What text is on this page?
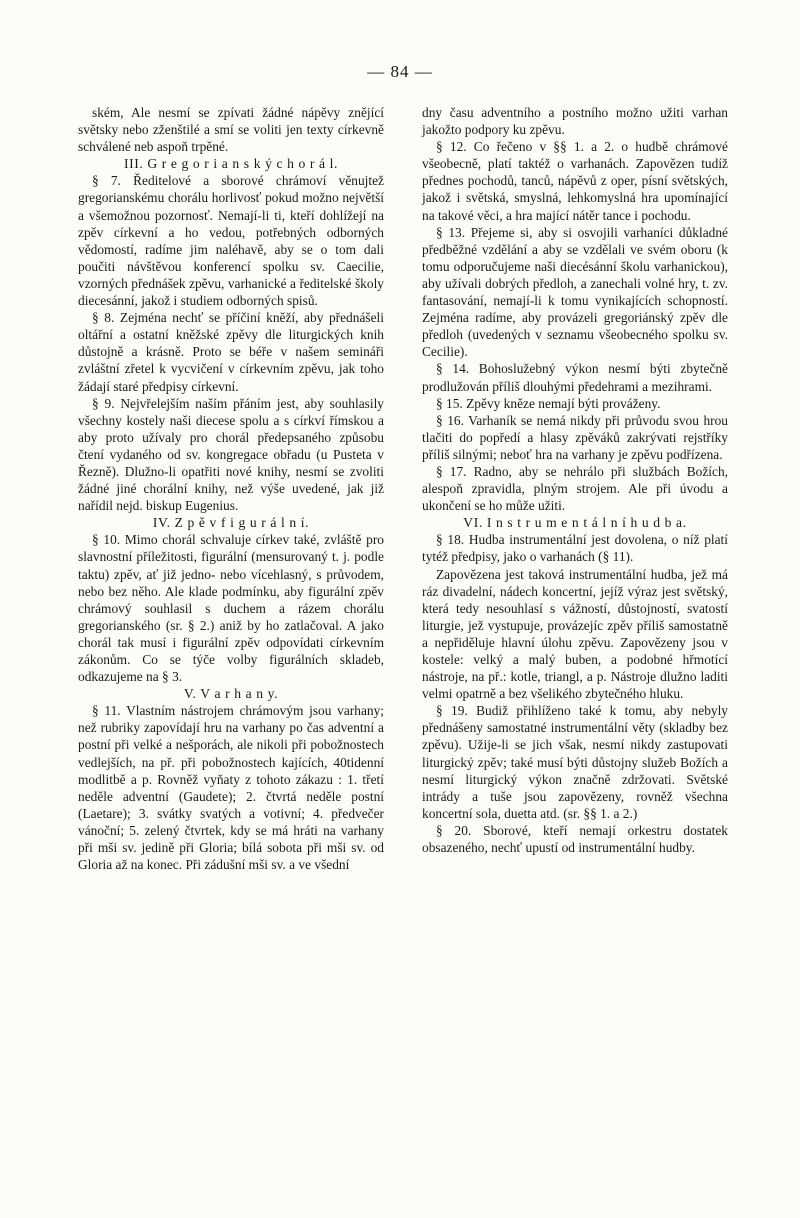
— 84 —

ském, Ale nesmí se zpívati žádné nápěvy znějící světsky nebo zženštilé a smí se voliti jen texty církevně schválené neb aspoň trpěné.

III. G r e g o r i a n s k ý c h o r á l.

§ 7. Ředitelové a sborové chrámoví věnujtež gregorianskému chorálu horlivosť pokud možno největší a všemožnou pozornosť. Nemají-li ti, kteří dohlížejí na zpěv církevní a ho vedou, potřebných odborných vědomostí, radíme jim naléhavě, aby se o tom dali poučiti návštěvou konferencí spolku sv. Caecilie, vzorných přednášek zpěvu, varhanické a ředitelské školy diecesánní, jakož i studiem odborných spisů.

§ 8. Zejména nechť se příčiní kněží, aby přednášeli oltářní a ostatní kněžské zpěvy dle liturgických knih důstojně a krásně. Proto se béře v našem semináři zvláštní zřetel k vycvičení v církevním zpěvu, jak toho žádají staré předpisy církevní.

§ 9. Nejvřelejším naším přáním jest, aby souhlasily všechny kostely naši diecese spolu a s církví římskou a aby proto užívaly pro chorál předepsaného způsobu čtení vydaného od sv. kongregace obřadu (u Pusteta v Řezně). Dlužno-li opatřiti nové knihy, nesmí se zvoliti žádné jiné chorální knihy, než výše uvedené, jak již nařídil nejd. biskup Eugenius.

IV. Z p ě v f i g u r á l n í.

§ 10. Mimo chorál schvaluje církev také, zvláště pro slavnostní příležitosti, figurální (mensurovaný t. j. podle taktu) zpěv, ať již jedno- nebo vícehlasný, s průvodem, nebo bez něho. Ale klade podmínku, aby figurální zpěv chrámový souhlasil s duchem a rázem chorálu gregorianského (sr. § 2.) aniž by ho zatlačoval. A jako chorál tak musí i figurální zpěv odpovídati církevním zákonům. Co se týče volby figurálních skladeb, odkazujeme na § 3.

V. V a r h a n y.

§ 11. Vlastním nástrojem chrámovým jsou varhany; než rubriky zapovídají hru na varhany po čas adventní a postní při velké a nešporách, ale nikoli při pobožnostech vedlejších, na př. při pobožnostech kajících, 40tidenní modlitbě a p. Rovněž vyňaty z tohoto zákazu : 1. třetí neděle adventní (Gaudete); 2. čtvrtá neděle postní (Laetare); 3. svátky svatých a votivní; 4. předvečer vánoční; 5. zelený čtvrtek, kdy se má hráti na varhany při mši sv. jedině při Gloria; bílá sobota při mši sv. od Gloria až na konec. Při zádušní mši sv. a ve všední

dny času adventního a postního možno užiti varhan jakožto podpory ku zpěvu.

§ 12. Co řečeno v §§ 1. a 2. o hudbě chrámové všeobecně, platí taktéž o varhanách. Zapovězen tudíž přednes pochodů, tanců, nápěvů z oper, písní světských, jakož i světská, smyslná, lehkomyslná hra upomínající na takové věci, a hra mající nátěr tance i pochodu.

§ 13. Přejeme si, aby si osvojili varhaníci důkladné předběžné vzdělání a aby se vzdělali ve svém oboru (k tomu odporučujeme naši diecésánní školu varhanickou), aby užívali dobrých předloh, a zanechali volné hry, t. zv. fantasování, nemají-li k tomu vynikajících schopností. Zejména radíme, aby provázeli gregoriánský zpěv dle předloh (uvedených v seznamu všeobecného spolku sv. Cecilie).

§ 14. Bohoslužebný výkon nesmí býti zbytečně prodlužován příliš dlouhými předehrami a mezihrami.

§ 15. Zpěvy kněze nemají býti prováženy.

§ 16. Varhaník se nemá nikdy při průvodu svou hrou tlačiti do popředí a hlasy zpěváků zakrývati rejstříky příliš silnými; neboť hra na varhany je zpěvu podřízena.

§ 17. Radno, aby se nehrálo při službách Božích, alespoň zpravidla, plným strojem. Ale při úvodu a ukončení se ho může užiti.

VI. I n s t r u m e n t á l n í h u d b a.

§ 18. Hudba instrumentální jest dovolena, o níž platí tytéž předpisy, jako o varhanách (§ 11).

Zapovězena jest taková instrumentální hudba, jež má ráz divadelní, nádech koncertní, jejíž výraz jest světský, která tedy nesouhlasí s vážností, důstojností, svatostí liturgie, jež vystupuje, provázejíc zpěv příliš samostatně a nepřiděluje hlavní úlohu zpěvu. Zapovězeny jsou v kostele: velký a malý buben, a podobné hřmotící nástroje, na př.: kotle, triangl, a p. Nástroje dlužno laditi velmi opatrně a bez všelikého zbytečného hluku.

§ 19. Budiž přihlíženo také k tomu, aby nebyly přednášeny samostatné instrumentální věty (skladby bez zpěvu). Užije-li se jich však, nesmí nikdy zastupovati liturgický zpěv; také musí býti důstojny služeb Božích a nesmí liturgický výkon značně zdržovati. Světské intrády a tuše jsou zapovězeny, rovněž všechna koncertní sola, duetta atd. (sr. §§ 1. a 2.)

§ 20. Sborové, kteří nemají orkestru dostatek obsazeného, nechť upustí od instrumentální hudby.
